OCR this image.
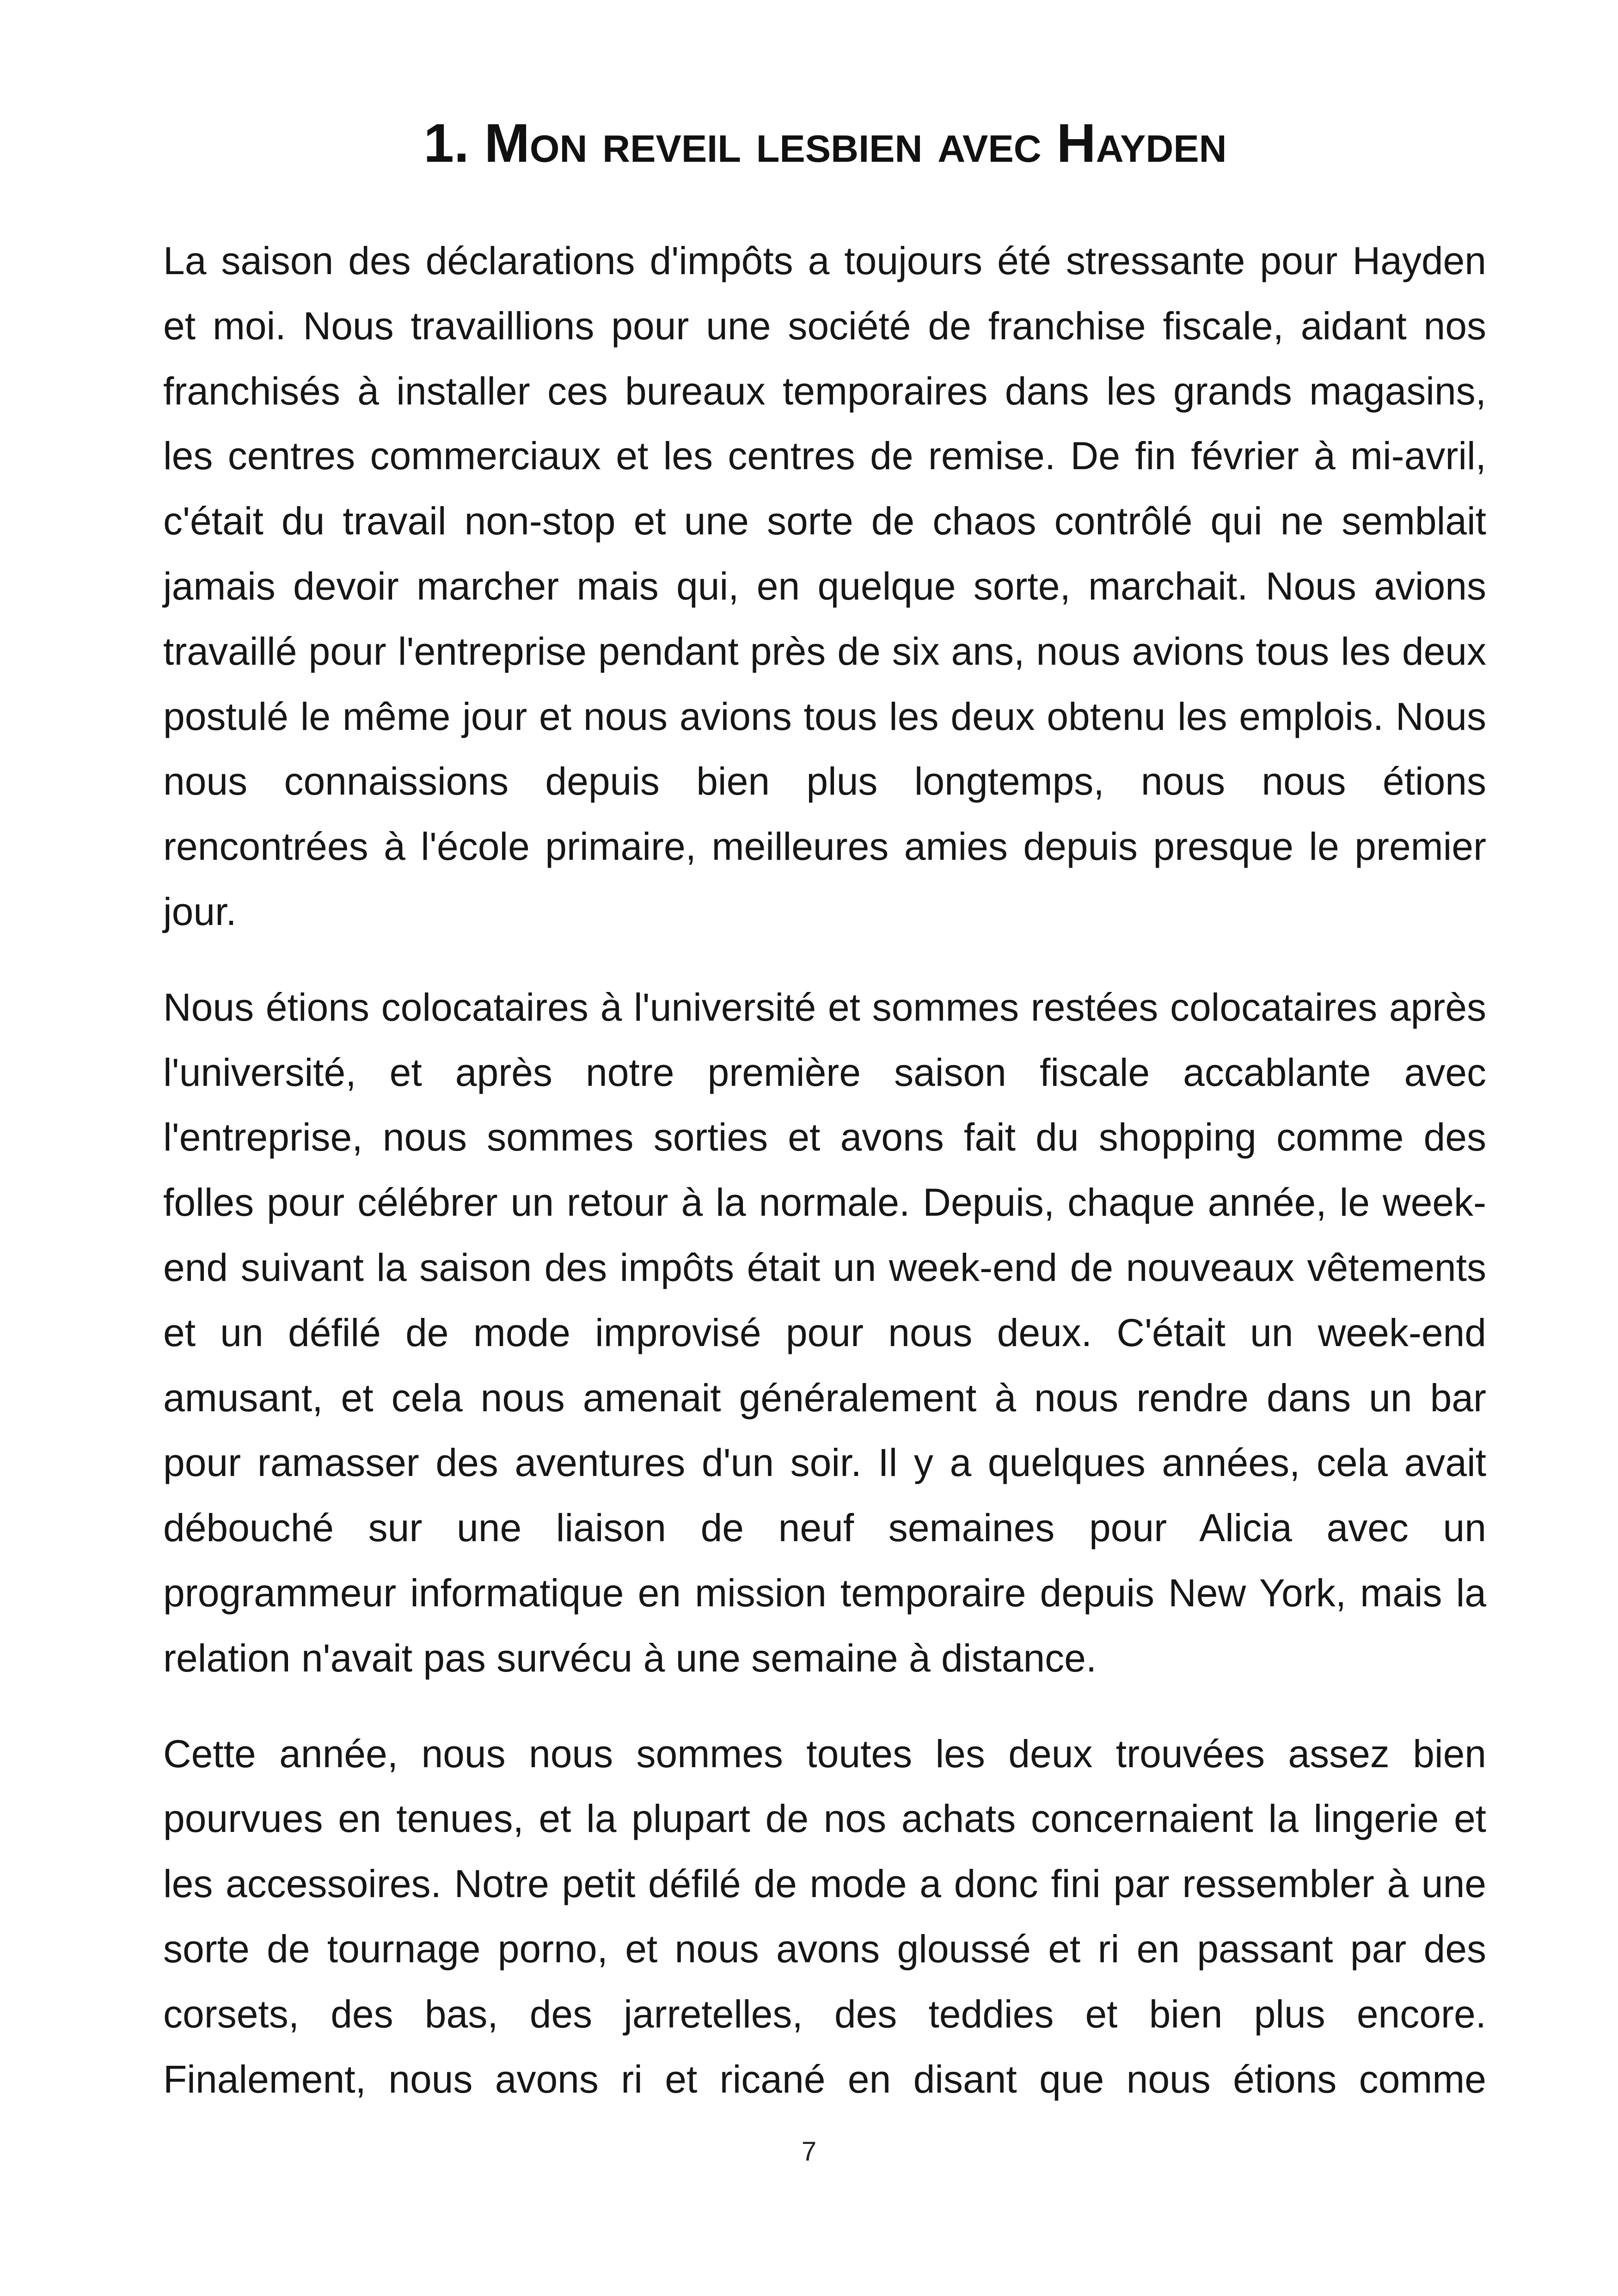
1. Mon reveil lesbien avec Hayden

La saison des déclarations d'impôts a toujours été stressante pour Hayden et moi. Nous travaillions pour une société de franchise fiscale, aidant nos franchisés à installer ces bureaux temporaires dans les grands magasins, les centres commerciaux et les centres de remise. De fin février à mi-avril, c'était du travail non-stop et une sorte de chaos contrôlé qui ne semblait jamais devoir marcher mais qui, en quelque sorte, marchait. Nous avions travaillé pour l'entreprise pendant près de six ans, nous avions tous les deux postulé le même jour et nous avions tous les deux obtenu les emplois. Nous nous connaissions depuis bien plus longtemps, nous nous étions rencontrées à l'école primaire, meilleures amies depuis presque le premier jour.

Nous étions colocataires à l'université et sommes restées colocataires après l'université, et après notre première saison fiscale accablante avec l'entreprise, nous sommes sorties et avons fait du shopping comme des folles pour célébrer un retour à la normale. Depuis, chaque année, le week-end suivant la saison des impôts était un week-end de nouveaux vêtements et un défilé de mode improvisé pour nous deux. C'était un week-end amusant, et cela nous amenait généralement à nous rendre dans un bar pour ramasser des aventures d'un soir. Il y a quelques années, cela avait débouché sur une liaison de neuf semaines pour Alicia avec un programmeur informatique en mission temporaire depuis New York, mais la relation n'avait pas survécu à une semaine à distance.

Cette année, nous nous sommes toutes les deux trouvées assez bien pourvues en tenues, et la plupart de nos achats concernaient la lingerie et les accessoires. Notre petit défilé de mode a donc fini par ressembler à une sorte de tournage porno, et nous avons gloussé et ri en passant par des corsets, des bas, des jarretelles, des teddies et bien plus encore. Finalement, nous avons ri et ricané en disant que nous étions comme

7
